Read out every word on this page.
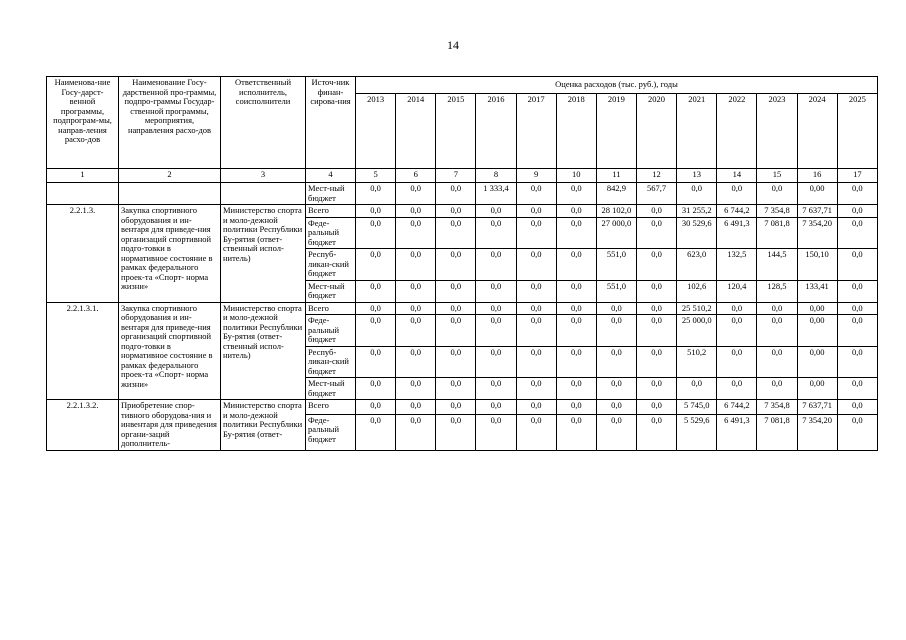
14
Наименова-ние Госу-дарст-венной программы, подпрограм-мы, направ-ления расхо-дов	Наименование Госу-дарственной про-граммы, подпро-граммы Государ-ственной программы, мероприятия, направления расхо-дов	Ответственный исполнитель, соисполнители	Источ-ник финан-сирова-ния	Оценка расходов (тыс. руб.), годы												
				2013	2014	2015	2016	2017	2018	2019	2020	2021	2022	2023	2024	2025
1	2	3	4	5	6	7	8	9	10	11	12	13	14	15	16	17
			Мест-ный бюджет	0,0	0,0	0,0	1 333,4	0,0	0,0	842,9	567,7	0,0	0,0	0,0	0,00	0,0
2.2.1.3.	Закупка спортивного оборудования и ин-вентаря для приведе-ния организаций спортивной подго-товки в нормативное состояние в рамках федерального проек-та «Спорт- норма жизни»	Министерство спорта и моло-дежной политики Республики Бу-рятия (ответ-ственный испол-нитель)	Всего	0,0	0,0	0,0	0,0	0,0	0,0	28 102,0	0,0	31 255,2	6 744,2	7 354,8	7 637,71	0,0
			Феде-ральный бюджет	0,0	0,0	0,0	0,0	0,0	0,0	27 000,0	0,0	30 529,6	6 491,3	7 081,8	7 354,20	0,0
			Респуб-ликан-ский бюджет	0,0	0,0	0,0	0,0	0,0	0,0	551,0	0,0	623,0	132,5	144,5	150,10	0,0
			Мест-ный бюджет	0,0	0,0	0,0	0,0	0,0	0,0	551,0	0,0	102,6	120,4	128,5	133,41	0,0
2.2.1.3.1.	Закупка спортивного оборудования и ин-вентаря для приведе-ния организаций спортивной подго-товки в нормативное состояние в рамках федерального проек-та «Спорт- норма жизни»	Министерство спорта и моло-дежной политики Республики Бу-рятия (ответ-ственный испол-нитель)	Всего	0,0	0,0	0,0	0,0	0,0	0,0	0,0	0,0	25 510,2	0,0	0,0	0,00	0,0
			Феде-ральный бюджет	0,0	0,0	0,0	0,0	0,0	0,0	0,0	0,0	25 000,0	0,0	0,0	0,00	0,0
			Респуб-ликан-ский бюджет	0,0	0,0	0,0	0,0	0,0	0,0	0,0	0,0	510,2	0,0	0,0	0,00	0,0
			Мест-ный бюджет	0,0	0,0	0,0	0,0	0,0	0,0	0,0	0,0	0,0	0,0	0,0	0,00	0,0
2.2.1.3.2.	Приобретение спор-тивного оборудова-ния и инвентаря для приведения органи-заций дополнитель-	Министерство спорта и моло-дежной политики Республики Бу-рятия (ответ-	Всего	0,0	0,0	0,0	0,0	0,0	0,0	0,0	0,0	5 745,0	6 744,2	7 354,8	7 637,71	0,0
			Феде-ральный бюджет	0,0	0,0	0,0	0,0	0,0	0,0	0,0	0,0	5 529,6	6 491,3	7 081,8	7 354,20	0,0
